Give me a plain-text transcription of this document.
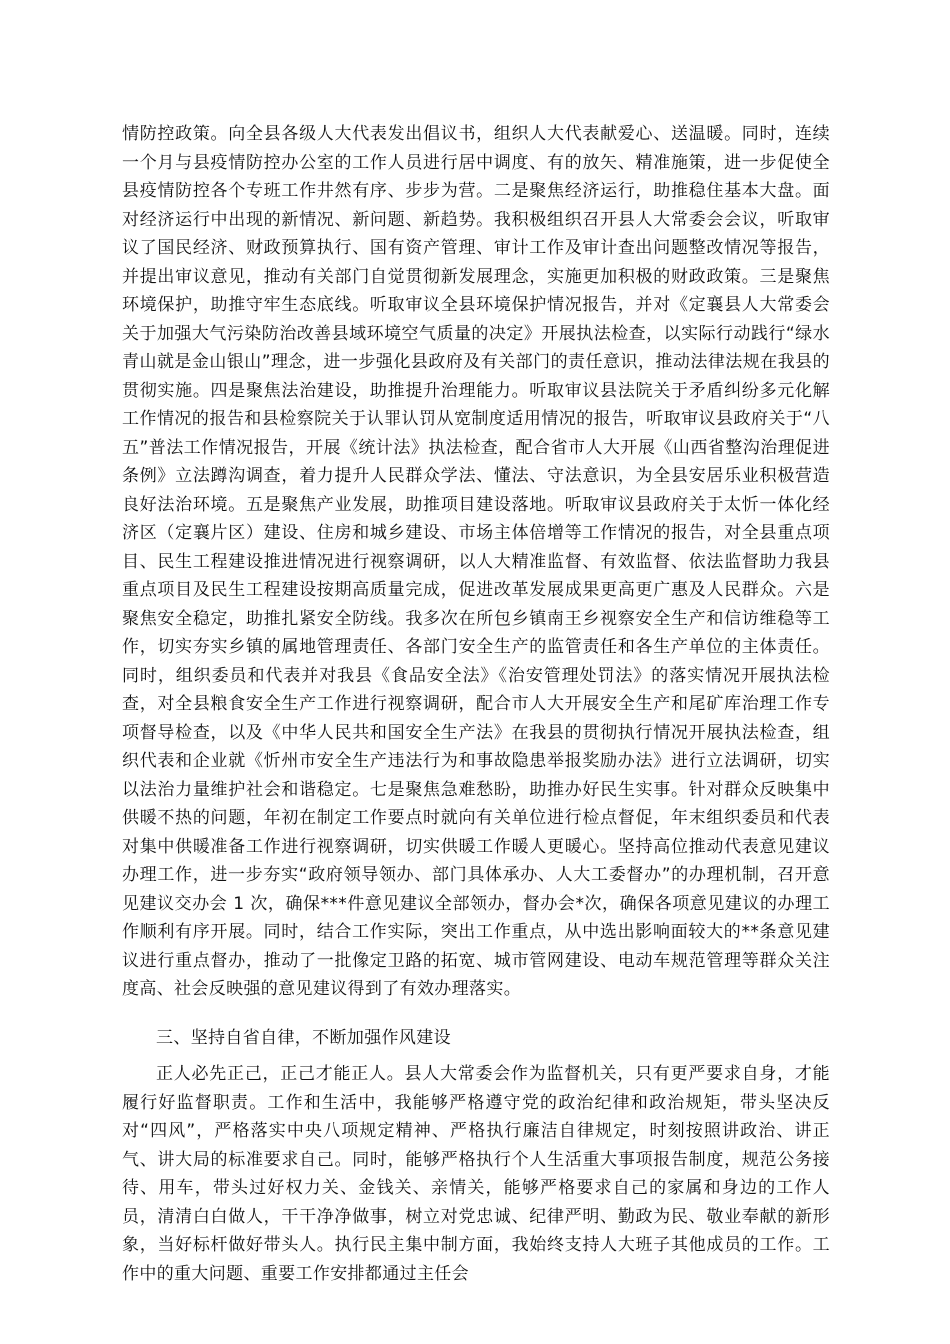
情防控政策。向全县各级人大代表发出倡议书，组织人大代表献爱心、送温暖。同时，连续一个月与县疫情防控办公室的工作人员进行居中调度、有的放矢、精准施策，进一步促使全县疫情防控各个专班工作井然有序、步步为营。二是聚焦经济运行，助推稳住基本大盘。面对经济运行中出现的新情况、新问题、新趋势。我积极组织召开县人大常委会会议，听取审议了国民经济、财政预算执行、国有资产管理、审计工作及审计查出问题整改情况等报告，并提出审议意见，推动有关部门自觉贯彻新发展理念，实施更加积极的财政政策。三是聚焦环境保护，助推守牢生态底线。听取审议全县环境保护情况报告，并对《定襄县人大常委会关于加强大气污染防治改善县域环境空气质量的决定》开展执法检查，以实际行动践行“绿水青山就是金山银山”理念，进一步强化县政府及有关部门的责任意识，推动法律法规在我县的贯彻实施。四是聚焦法治建设，助推提升治理能力。听取审议县法院关于矛盾纠纷多元化解工作情况的报告和县检察院关于认罪认罚从宽制度适用情况的报告，听取审议县政府关于“八五”普法工作情况报告，开展《统计法》执法检查，配合省市人大开展《山西省整沟治理促进条例》立法蹲沟调查，着力提升人民群众学法、懂法、守法意识，为全县安居乐业积极营造良好法治环境。五是聚焦产业发展，助推项目建设落地。听取审议县政府关于太忻一体化经济区（定襄片区）建设、住房和城乡建设、市场主体倍增等工作情况的报告，对全县重点项目、民生工程建设推进情况进行视察调研，以人大精准监督、有效监督、依法监督助力我县重点项目及民生工程建设按期高质量完成，促进改革发展成果更高更广惠及人民群众。六是聚焦安全稳定，助推扎紧安全防线。我多次在所包乡镇南王乡视察安全生产和信访维稳等工作，切实夯实乡镇的属地管理责任、各部门安全生产的监管责任和各生产单位的主体责任。同时，组织委员和代表并对我县《食品安全法》《治安管理处罚法》的落实情况开展执法检查，对全县粮食安全生产工作进行视察调研，配合市人大开展安全生产和尾矿库治理工作专项督导检查，以及《中华人民共和国安全生产法》在我县的贯彻执行情况开展执法检查，组织代表和企业就《忻州市安全生产违法行为和事故隐患举报奖励办法》进行立法调研，切实以法治力量维护社会和谐稳定。七是聚焦急难愁盼，助推办好民生实事。针对群众反映集中供暖不热的问题，年初在制定工作要点时就向有关单位进行检点督促，年末组织委员和代表对集中供暖准备工作进行视察调研，切实供暖工作暖人更暖心。坚持高位推动代表意见建议办理工作，进一步夯实“政府领导领办、部门具体承办、人大工委督办”的办理机制，召开意见建议交办会 1 次，确保***件意见建议全部领办，督办会*次，确保各项意见建议的办理工作顺利有序开展。同时，结合工作实际，突出工作重点，从中选出影响面较大的**条意见建议进行重点督办，推动了一批像定卫路的拓宽、城市管网建设、电动车规范管理等群众关注度高、社会反映强的意见建议得到了有效办理落实。

三、坚持自省自律，不断加强作风建设

正人必先正己，正己才能正人。县人大常委会作为监督机关，只有更严要求自身，才能履行好监督职责。工作和生活中，我能够严格遵守党的政治纪律和政治规矩，带头坚决反对“四风”，严格落实中央八项规定精神、严格执行廉洁自律规定，时刻按照讲政治、讲正气、讲大局的标准要求自己。同时，能够严格执行个人生活重大事项报告制度，规范公务接待、用车，带头过好权力关、金钱关、亲情关，能够严格要求自己的家属和身边的工作人员，清清白白做人，干干净净做事，树立对党忠诚、纪律严明、勤政为民、敬业奉献的新形象，当好标杆做好带头人。执行民主集中制方面，我始终支持人大班子其他成员的工作。工作中的重大问题、重要工作安排都通过主任会
